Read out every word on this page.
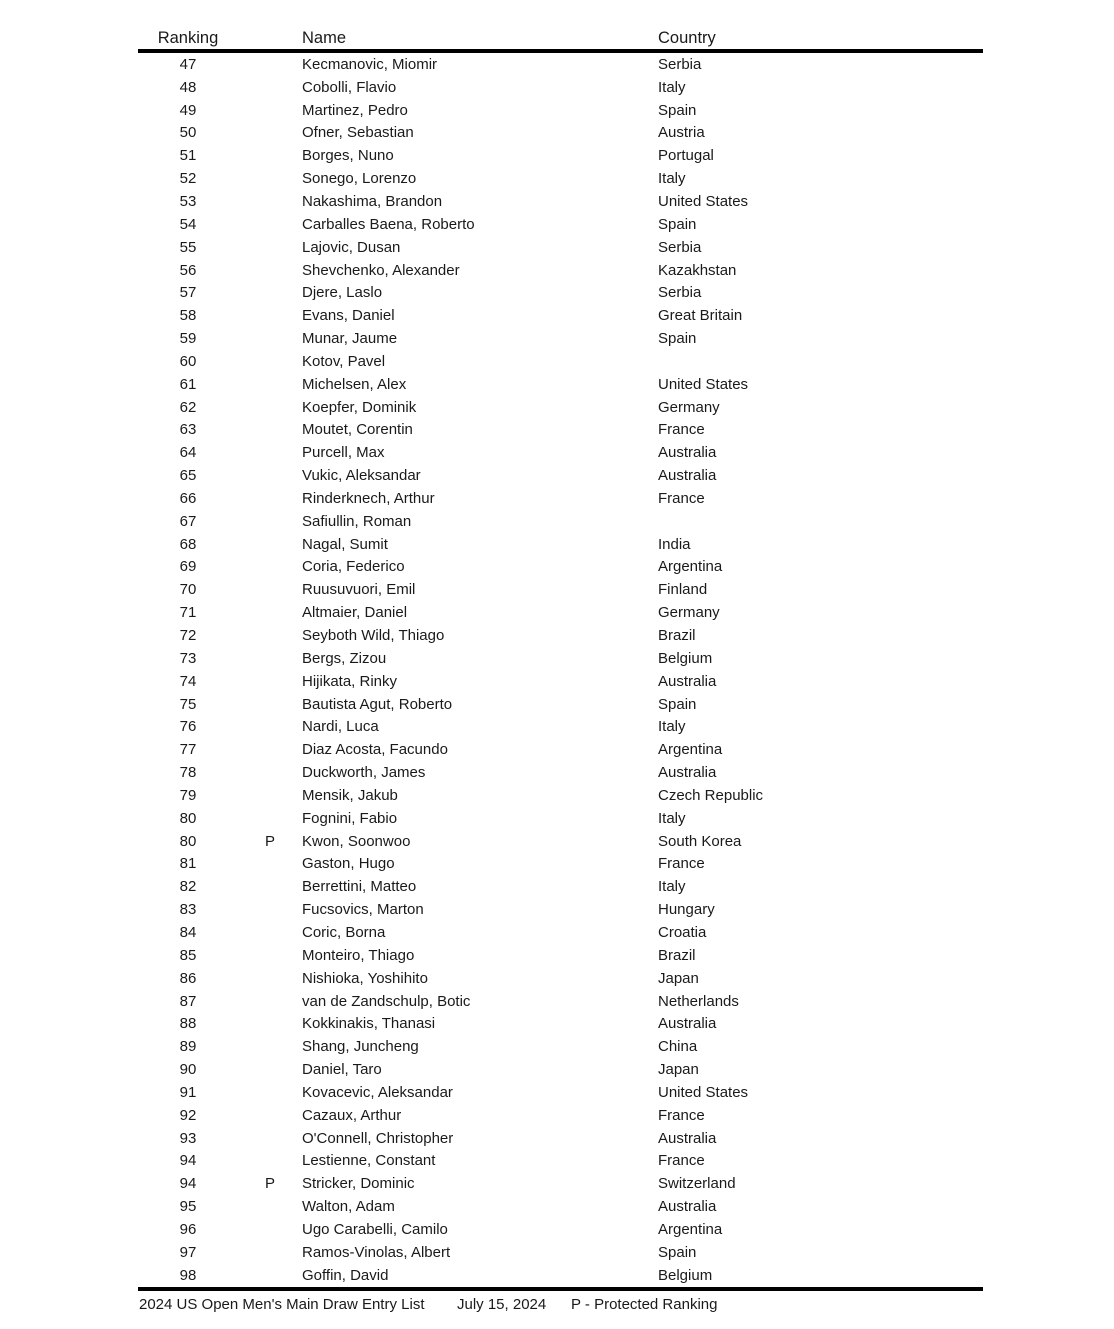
Ranking	Name	Country
47	Kecmanovic, Miomir	Serbia
48	Cobolli, Flavio	Italy
49	Martinez, Pedro	Spain
50	Ofner, Sebastian	Austria
51	Borges, Nuno	Portugal
52	Sonego, Lorenzo	Italy
53	Nakashima, Brandon	United States
54	Carballes Baena, Roberto	Spain
55	Lajovic, Dusan	Serbia
56	Shevchenko, Alexander	Kazakhstan
57	Djere, Laslo	Serbia
58	Evans, Daniel	Great Britain
59	Munar, Jaume	Spain
60	Kotov, Pavel
61	Michelsen, Alex	United States
62	Koepfer, Dominik	Germany
63	Moutet, Corentin	France
64	Purcell, Max	Australia
65	Vukic, Aleksandar	Australia
66	Rinderknech, Arthur	France
67	Safiullin, Roman
68	Nagal, Sumit	India
69	Coria, Federico	Argentina
70	Ruusuvuori, Emil	Finland
71	Altmaier, Daniel	Germany
72	Seyboth Wild, Thiago	Brazil
73	Bergs, Zizou	Belgium
74	Hijikata, Rinky	Australia
75	Bautista Agut, Roberto	Spain
76	Nardi, Luca	Italy
77	Diaz Acosta, Facundo	Argentina
78	Duckworth, James	Australia
79	Mensik, Jakub	Czech Republic
80	Fognini, Fabio	Italy
80	P	Kwon, Soonwoo	South Korea
81	Gaston, Hugo	France
82	Berrettini, Matteo	Italy
83	Fucsovics, Marton	Hungary
84	Coric, Borna	Croatia
85	Monteiro, Thiago	Brazil
86	Nishioka, Yoshihito	Japan
87	van de Zandschulp, Botic	Netherlands
88	Kokkinakis, Thanasi	Australia
89	Shang, Juncheng	China
90	Daniel, Taro	Japan
91	Kovacevic, Aleksandar	United States
92	Cazaux, Arthur	France
93	O'Connell, Christopher	Australia
94	Lestienne, Constant	France
94	P	Stricker, Dominic	Switzerland
95	Walton, Adam	Australia
96	Ugo Carabelli, Camilo	Argentina
97	Ramos-Vinolas, Albert	Spain
98	Goffin, David	Belgium
2024 US Open Men's Main Draw Entry List July 15, 2024 P - Protected Ranking
